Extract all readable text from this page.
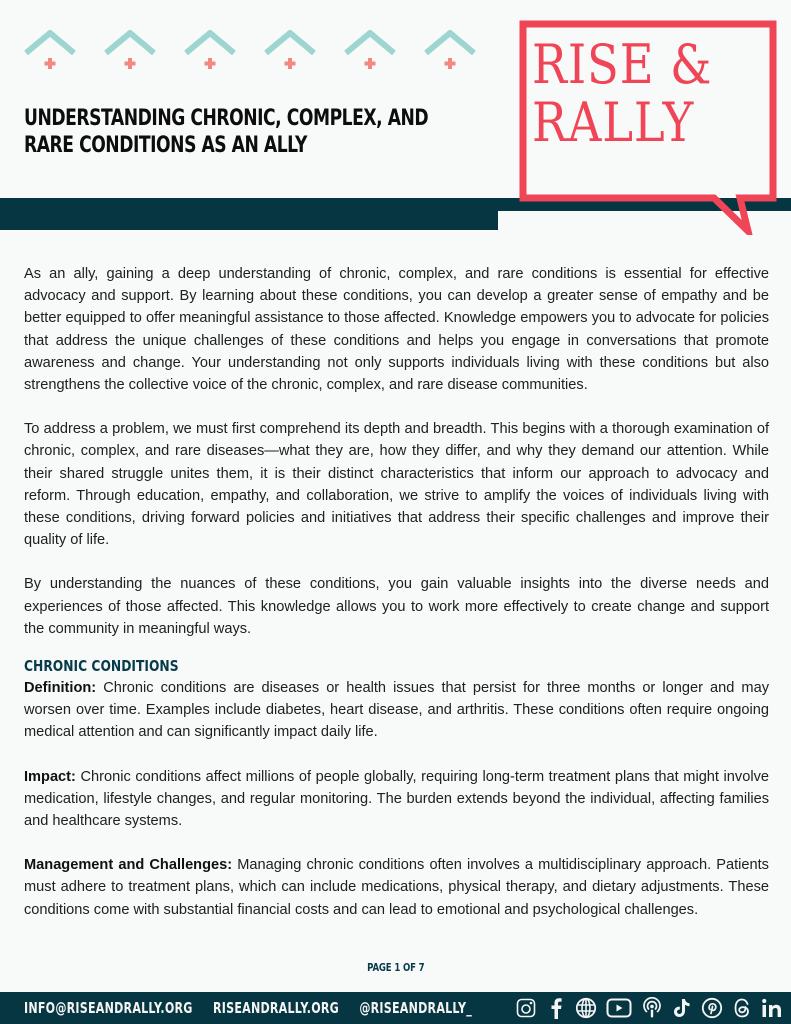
UNDERSTANDING CHRONIC, COMPLEX, AND
RARE CONDITIONS AS AN ALLY
RISE &
RALLY

As an ally, gaining a deep understanding of chronic, complex, and rare conditions is essential for effective advocacy and support. By learning about these conditions, you can develop a greater sense of empathy and be better equipped to offer meaningful assistance to those affected. Knowledge empowers you to advocate for policies that address the unique challenges of these conditions and helps you engage in conversations that promote awareness and change. Your understanding not only supports individuals living with these conditions but also strengthens the collective voice of the chronic, complex, and rare disease communities.

To address a problem, we must first comprehend its depth and breadth. This begins with a thorough examination of chronic, complex, and rare diseases—what they are, how they differ, and why they demand our attention. While their shared struggle unites them, it is their distinct characteristics that inform our approach to advocacy and reform. Through education, empathy, and collaboration, we strive to amplify the voices of individuals living with these conditions, driving forward policies and initiatives that address their specific challenges and improve their quality of life.

By understanding the nuances of these conditions, you gain valuable insights into the diverse needs and experiences of those affected. This knowledge allows you to work more effectively to create change and support the community in meaningful ways.

CHRONIC CONDITIONS

Definition: Chronic conditions are diseases or health issues that persist for three months or longer and may worsen over time. Examples include diabetes, heart disease, and arthritis. These conditions often require ongoing medical attention and can significantly impact daily life.

Impact: Chronic conditions affect millions of people globally, requiring long-term treatment plans that might involve medication, lifestyle changes, and regular monitoring. The burden extends beyond the individual, affecting families and healthcare systems.

Management and Challenges: Managing chronic conditions often involves a multidisciplinary approach. Patients must adhere to treatment plans, which can include medications, physical therapy, and dietary adjustments. These conditions come with substantial financial costs and can lead to emotional and psychological challenges.

PAGE 1 OF 7
INFO@RISEANDRALLY.ORG RISEANDRALLY.ORG @RISEANDRALLY_
